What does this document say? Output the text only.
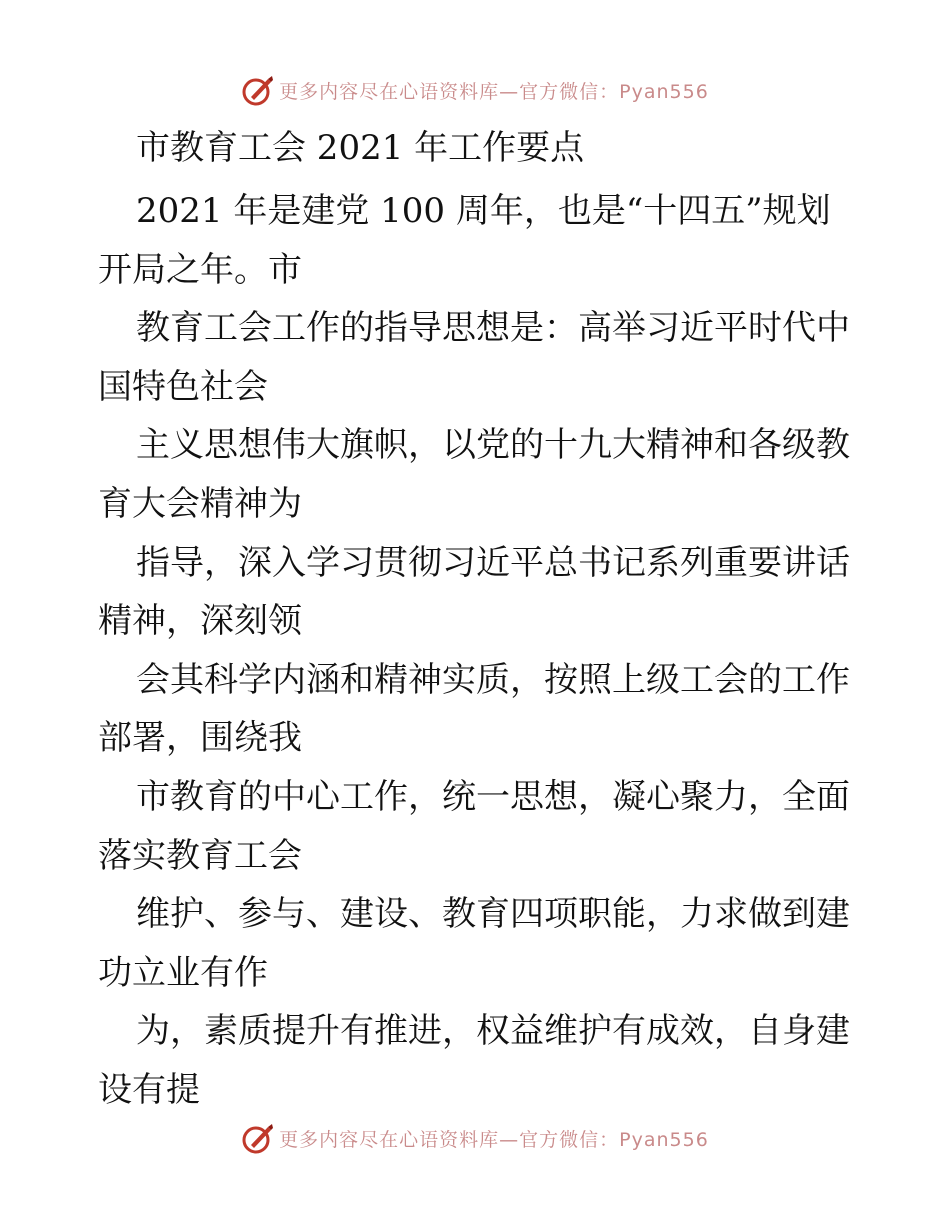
更多内容尽在心语资料库—官方微信：Pyan556
市教育工会 2021 年工作要点
2021 年是建党 100 周年，也是“十四五”规划
开局之年。市
教育工会工作的指导思想是：高举习近平时代中
国特色社会
主义思想伟大旗帜，以党的十九大精神和各级教
育大会精神为
指导，深入学习贯彻习近平总书记系列重要讲话
精神，深刻领
会其科学内涵和精神实质，按照上级工会的工作
部署，围绕我
市教育的中心工作，统一思想，凝心聚力，全面
落实教育工会
维护、参与、建设、教育四项职能，力求做到建
功立业有作
为，素质提升有推进，权益维护有成效，自身建
设有提
更多内容尽在心语资料库—官方微信：Pyan556
